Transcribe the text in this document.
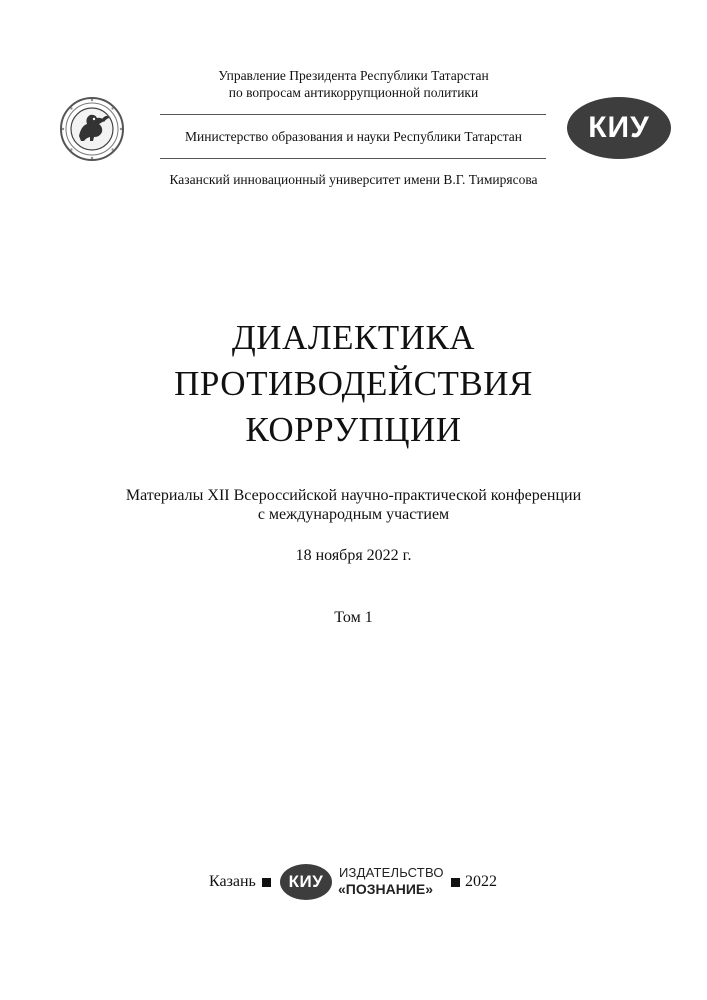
Управление Президента Республики Татарстан
по вопросам антикоррупционной политики
Министерство образования и науки Республики Татарстан
Казанский инновационный университет имени В.Г. Тимирясова
КИУ
ДИАЛЕКТИКА
ПРОТИВОДЕЙСТВИЯ
КОРРУПЦИИ
Материалы XII Всероссийской научно-практической конференции
с международным участием
18 ноября 2022 г.
Том 1
Казань КИУ ИЗДАТЕЛЬСТВО
«ПОЗНАНИЕ» 2022
